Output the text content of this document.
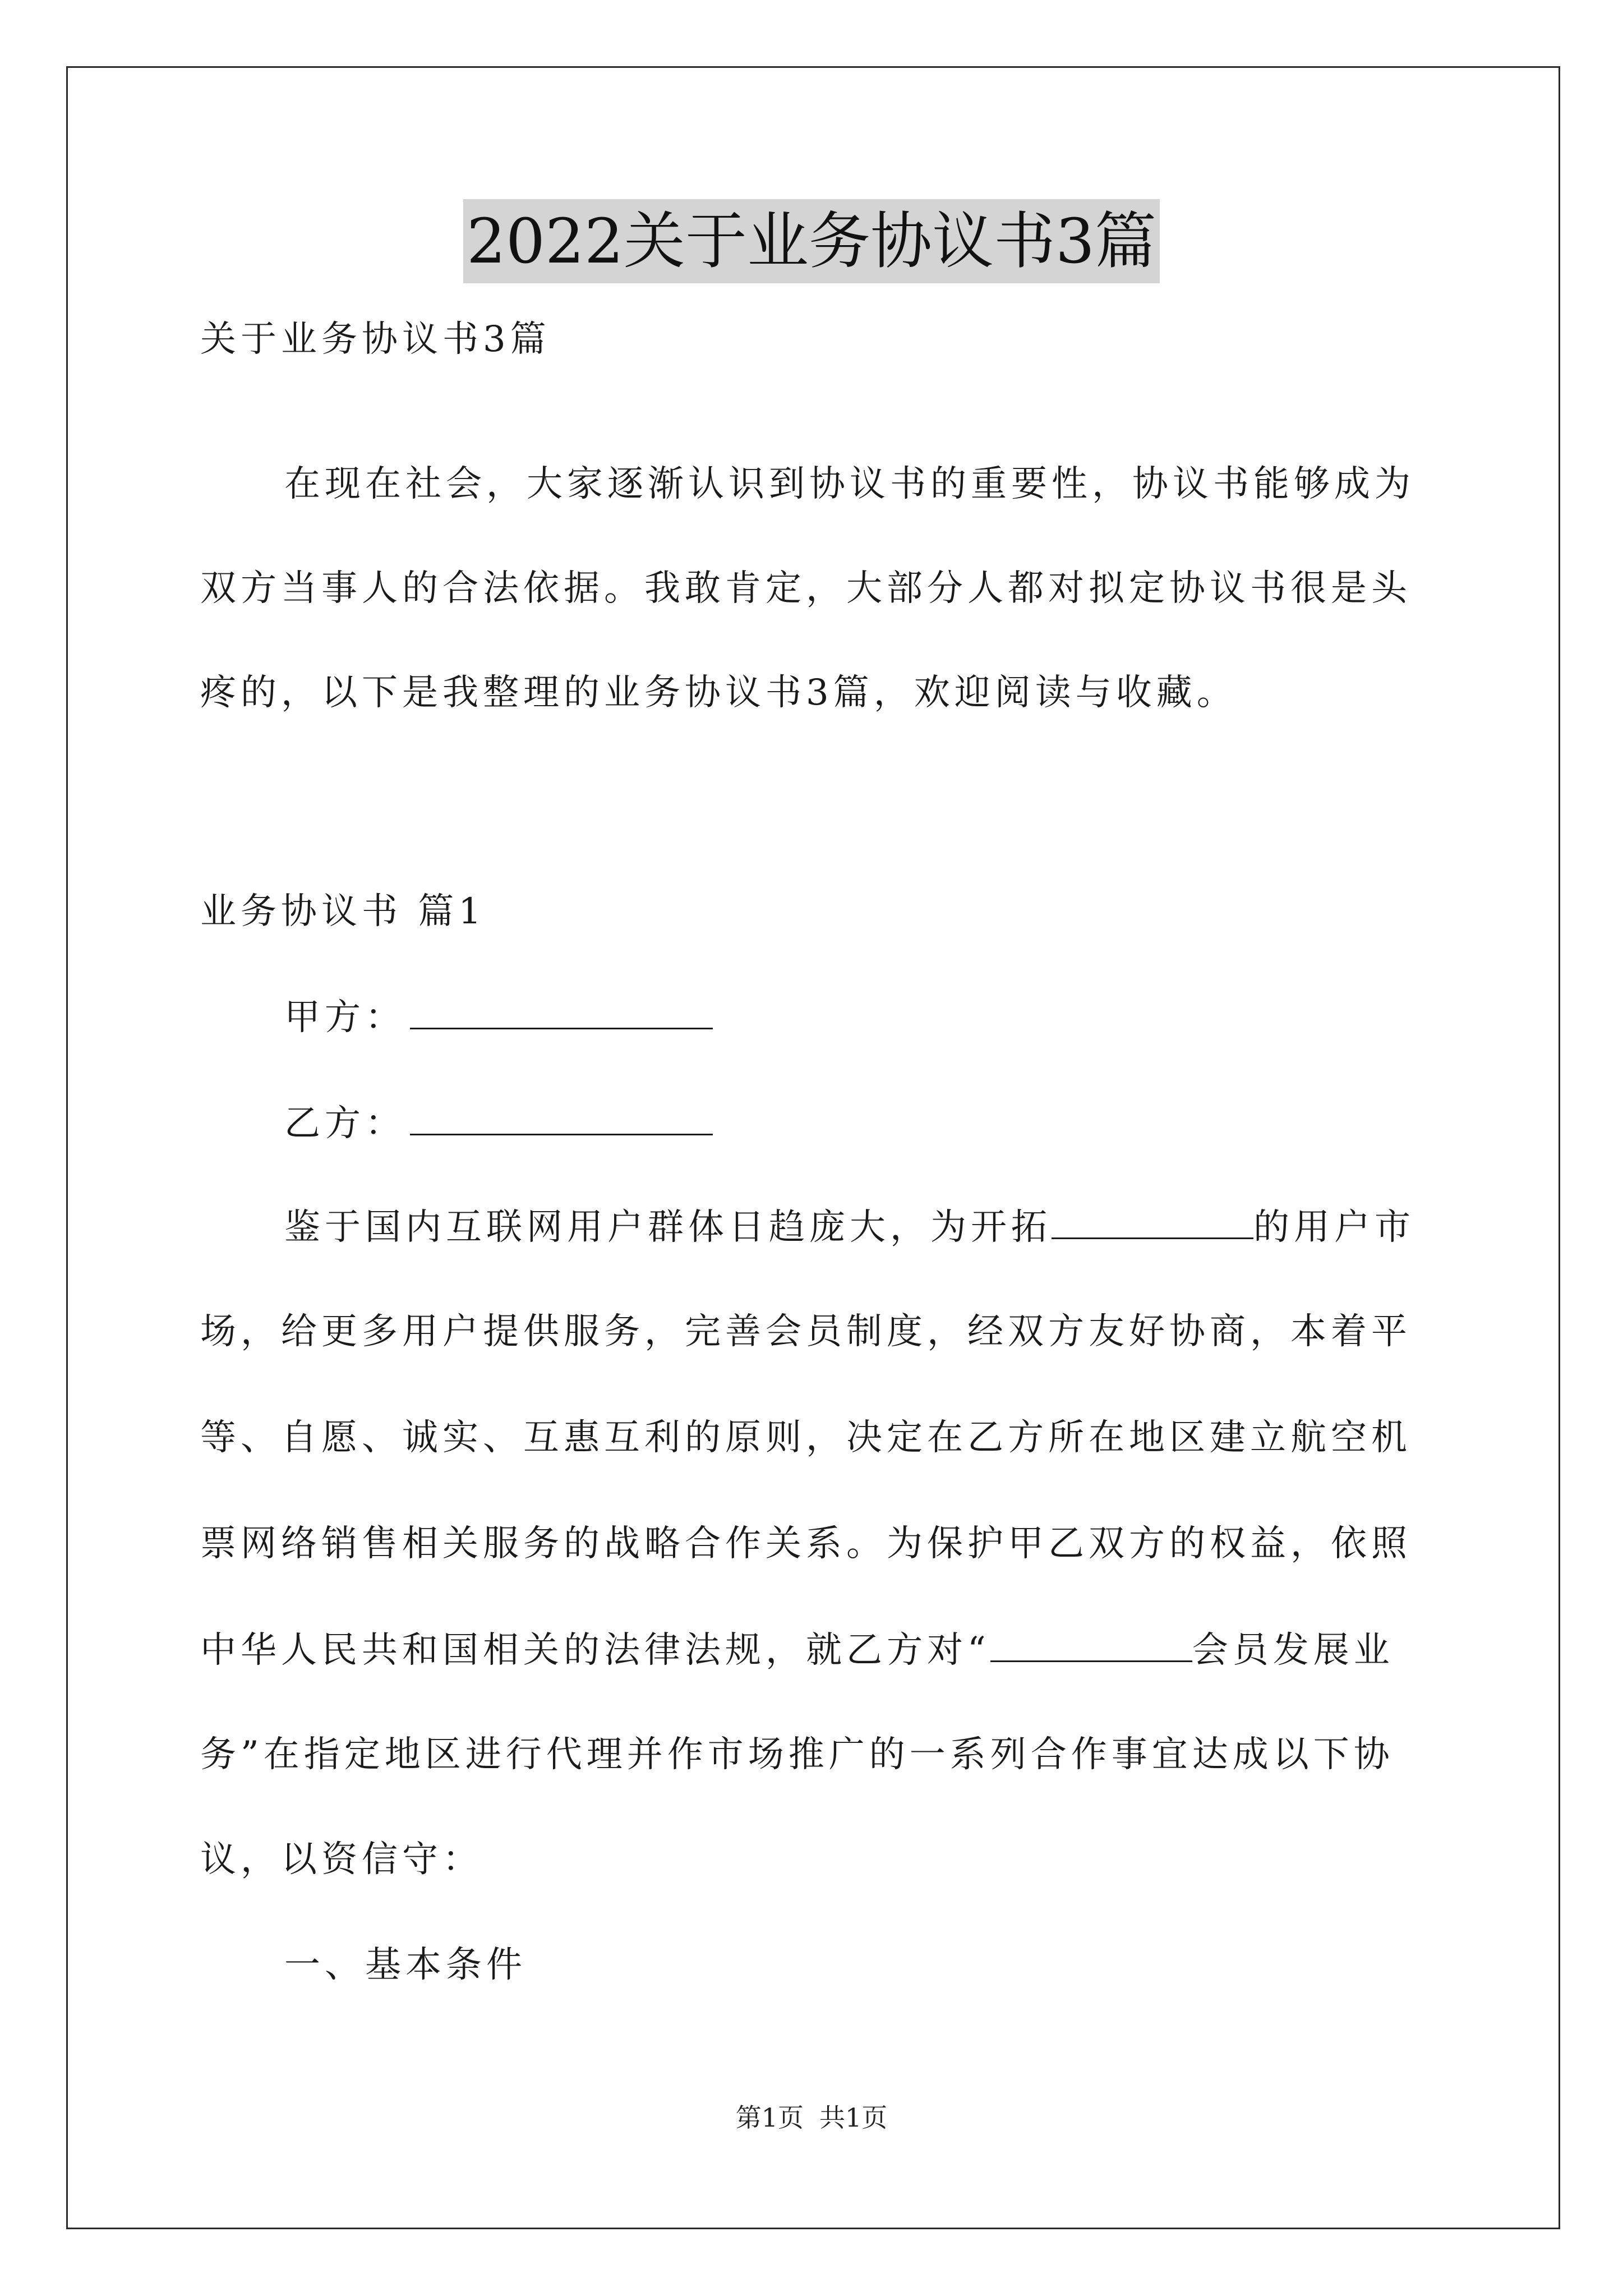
2022关于业务协议书3篇
关于业务协议书3篇
在现在社会，大家逐渐认识到协议书的重要性，协议书能够成为
双方当事人的合法依据。我敢肯定，大部分人都对拟定协议书很是头
疼的，以下是我整理的业务协议书3篇，欢迎阅读与收藏。
业务协议书 篇1
甲方：
乙方：
鉴于国内互联网用户群体日趋庞大，为开拓	的用户市
场，给更多用户提供服务，完善会员制度，经双方友好协商，本着平
等、自愿、诚实、互惠互利的原则，决定在乙方所在地区建立航空机
票网络销售相关服务的战略合作关系。为保护甲乙双方的权益，依照
中华人民共和国相关的法律法规，就乙方对“	会员发展业
务”在指定地区进行代理并作市场推广的一系列合作事宜达成以下协
议，以资信守：
一、基本条件
第1页 共1页
